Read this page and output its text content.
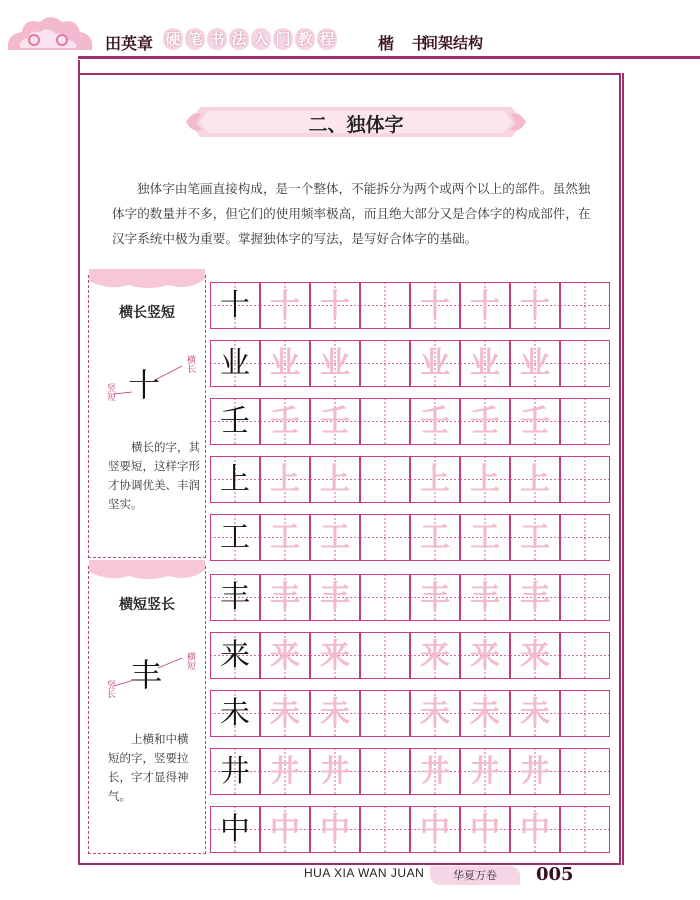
田英章 硬 笔 书 法 入 门 教 程	楷 书
间架结构
二、独体字
独体字由笔画直接构成，是一个整体，不能拆分为两个或两个以上的部件。虽然独体字的数量并不多，但它们的使用频率极高，而且绝大部分又是合体字的构成部件，在汉字系统中极为重要。掌握独体字的写法，是写好合体字的基础。
横长竖短
十
横长
竖短
横长的字，其竖要短，这样字形才协调优美、丰润坚实。
横短竖长
丰	横短
竖长
上横和中横短的字，竖要拉长，字才显得神气。
十 十 十	十 十 十
业 业 业	业 业 业
壬 壬 壬	壬 壬 壬
上 上 上	上 上 上
工 工 工	工 工 工
丰 丰 丰	丰 丰 丰
来 来 来	来 来 来
未 未 未	未 未 未
井 井 井	井 井 井
中 中 中	中 中 中
HUA XIA WAN JUAN	华夏万卷	005
